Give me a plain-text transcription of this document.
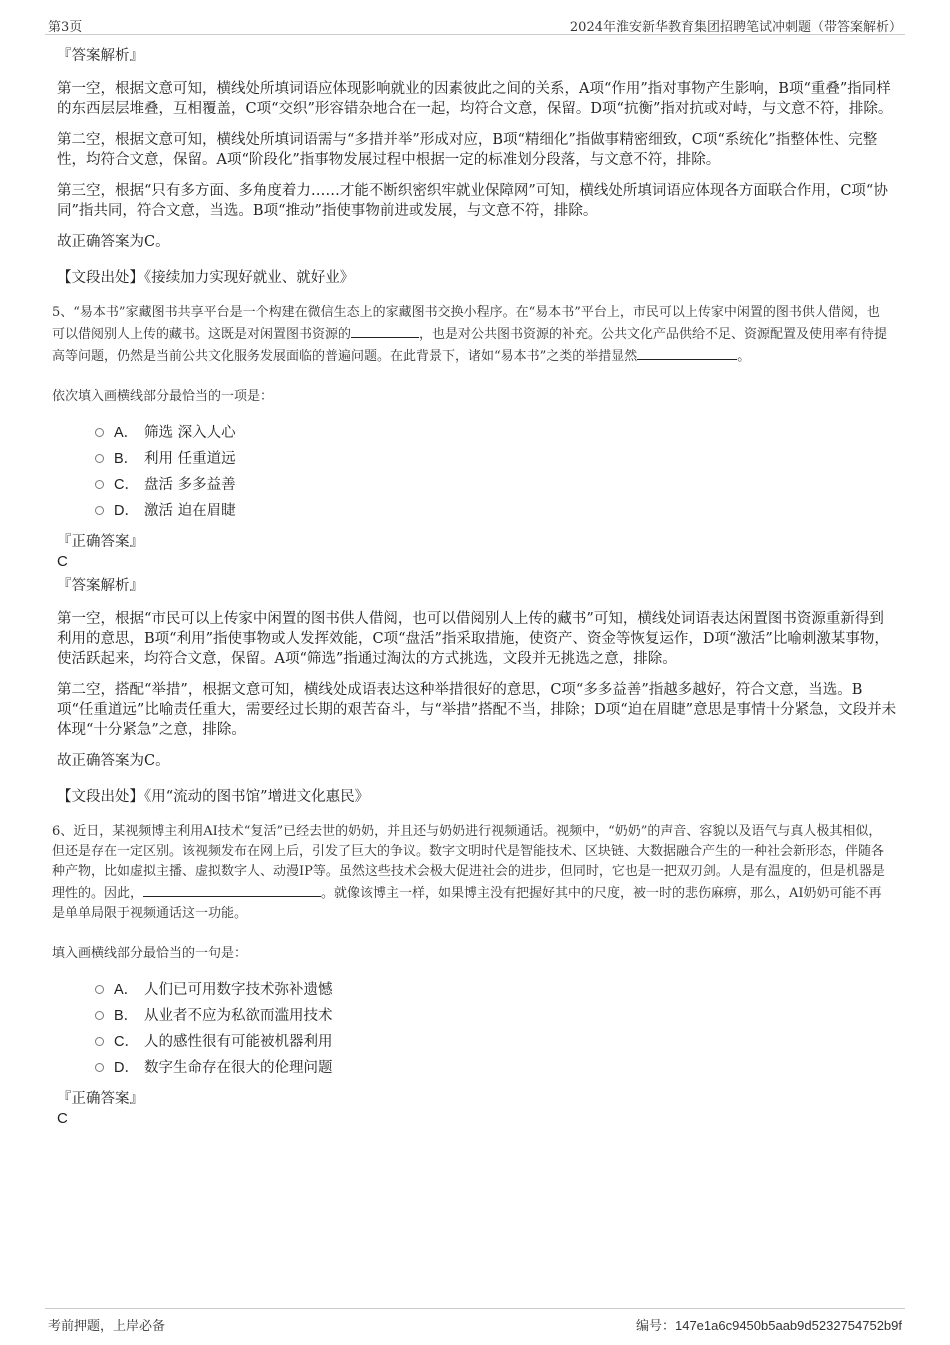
第3页	2024年淮安新华教育集团招聘笔试冲刺题（带答案解析）
『答案解析』

第一空，根据文意可知，横线处所填词语应体现影响就业的因素彼此之间的关系，A项“作用”指对事物产生影响，B项“重叠”指同样的东西层层堆叠，互相覆盖，C项“交织”形容错杂地合在一起，均符合文意，保留。D项“抗衡”指对抗或对峙，与文意不符，排除。

第二空，根据文意可知，横线处所填词语需与“多措并举”形成对应，B项“精细化”指做事精密细致，C项“系统化”指整体性、完整性，均符合文意，保留。A项“阶段化”指事物发展过程中根据一定的标准划分段落，与文意不符，排除。

第三空，根据“只有多方面、多角度着力……才能不断织密织牢就业保障网”可知，横线处所填词语应体现各方面联合作用，C项“协同”指共同，符合文意，当选。B项“推动”指使事物前进或发展，与文意不符，排除。

故正确答案为C。

【文段出处】《接续加力实现好就业、就好业》

5、“易本书”家藏图书共享平台是一个构建在微信生态上的家藏图书交换小程序。在“易本书”平台上，市民可以上传家中闲置的图书供人借阅，也可以借阅别人上传的藏书。这既是对闲置图书资源的	，也是对公共图书资源的补充。公共文化产品供给不足、资源配置及使用率有待提高等问题，仍然是当前公共文化服务发展面临的普遍问题。在此背景下，诸如“易本书”之类的举措显然	。

依次填入画横线部分最恰当的一项是：
A． 筛选 深入人心
B． 利用 任重道远
C． 盘活 多多益善
D． 激活 迫在眉睫
『正确答案』
C
『答案解析』

第一空，根据“市民可以上传家中闲置的图书供人借阅，也可以借阅别人上传的藏书”可知，横线处词语表达闲置图书资源重新得到利用的意思，B项“利用”指使事物或人发挥效能，C项“盘活”指采取措施，使资产、资金等恢复运作，D项“激活”比喻刺激某事物，使活跃起来，均符合文意，保留。A项“筛选”指通过淘汰的方式挑选，文段并无挑选之意，排除。

第二空，搭配“举措”，根据文意可知，横线处成语表达这种举措很好的意思，C项“多多益善”指越多越好，符合文意，当选。B项“任重道远”比喻责任重大，需要经过长期的艰苦奋斗，与“举措”搭配不当，排除；D项“迫在眉睫”意思是事情十分紧急，文段并未体现“十分紧急”之意，排除。

故正确答案为C。

【文段出处】《用“流动的图书馆”增进文化惠民》

6、近日，某视频博主利用AI技术“复活”已经去世的奶奶，并且还与奶奶进行视频通话。视频中，“奶奶”的声音、容貌以及语气与真人极其相似，但还是存在一定区别。该视频发布在网上后，引发了巨大的争议。数字文明时代是智能技术、区块链、大数据融合产生的一种社会新形态，伴随各种产物，比如虚拟主播、虚拟数字人、动漫IP等。虽然这些技术会极大促进社会的进步，但同时，它也是一把双刃剑。人是有温度的，但是机器是理性的。因此，	。就像该博主一样，如果博主没有把握好其中的尺度，被一时的悲伤麻痹，那么，AI奶奶可能不再是单单局限于视频通话这一功能。

填入画横线部分最恰当的一句是：
A． 人们已可用数字技术弥补遗憾
B． 从业者不应为私欲而滥用技术
C． 人的感性很有可能被机器利用
D． 数字生命存在很大的伦理问题
『正确答案』
C
考前押题，上岸必备	编号：147e1a6c9450b5aab9d5232754752b9f
